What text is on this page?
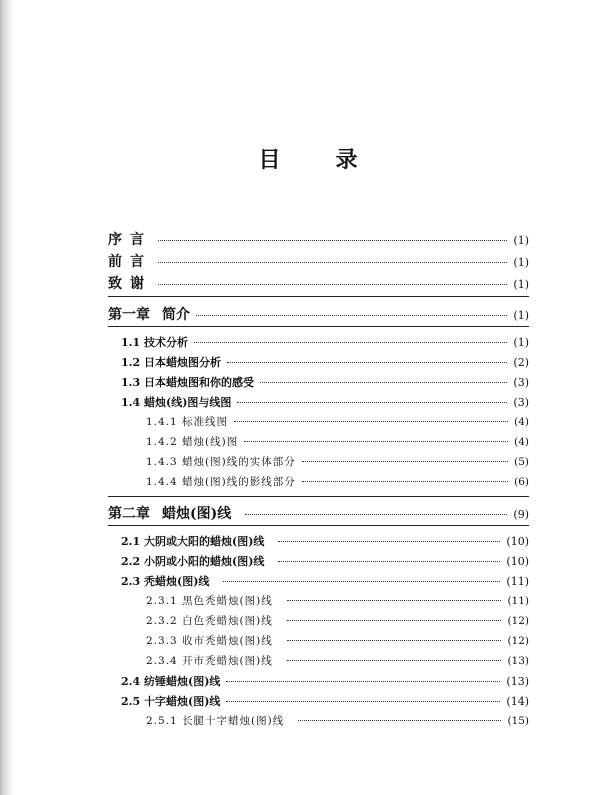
目	录
序言	(1)
前言	(1)
致谢	(1)
第一章 简介	(1)
1.1 技术分析	(1)
1.2 日本蜡烛图分析	(2)
1.3 日本蜡烛图和你的感受	(3)
1.4 蜡烛(线)图与线图	(3)
1.4.1 标准线图	(4)
1.4.2 蜡烛(线)图	(4)
1.4.3 蜡烛(图)线的实体部分	(5)
1.4.4 蜡烛(图)线的影线部分	(6)
第二章 蜡烛(图)线	(9)
2.1 大阴或大阳的蜡烛(图)线	(10)
2.2 小阴或小阳的蜡烛(图)线	(10)
2.3 秃蜡烛(图)线	(11)
2.3.1 黑色秃蜡烛(图)线	(11)
2.3.2 白色秃蜡烛(图)线	(12)
2.3.3 收市秃蜡烛(图)线	(12)
2.3.4 开市秃蜡烛(图)线	(13)
2.4 纺锤蜡烛(图)线	(13)
2.5 十字蜡烛(图)线	(14)
2.5.1 长腿十字蜡烛(图)线	(15)
